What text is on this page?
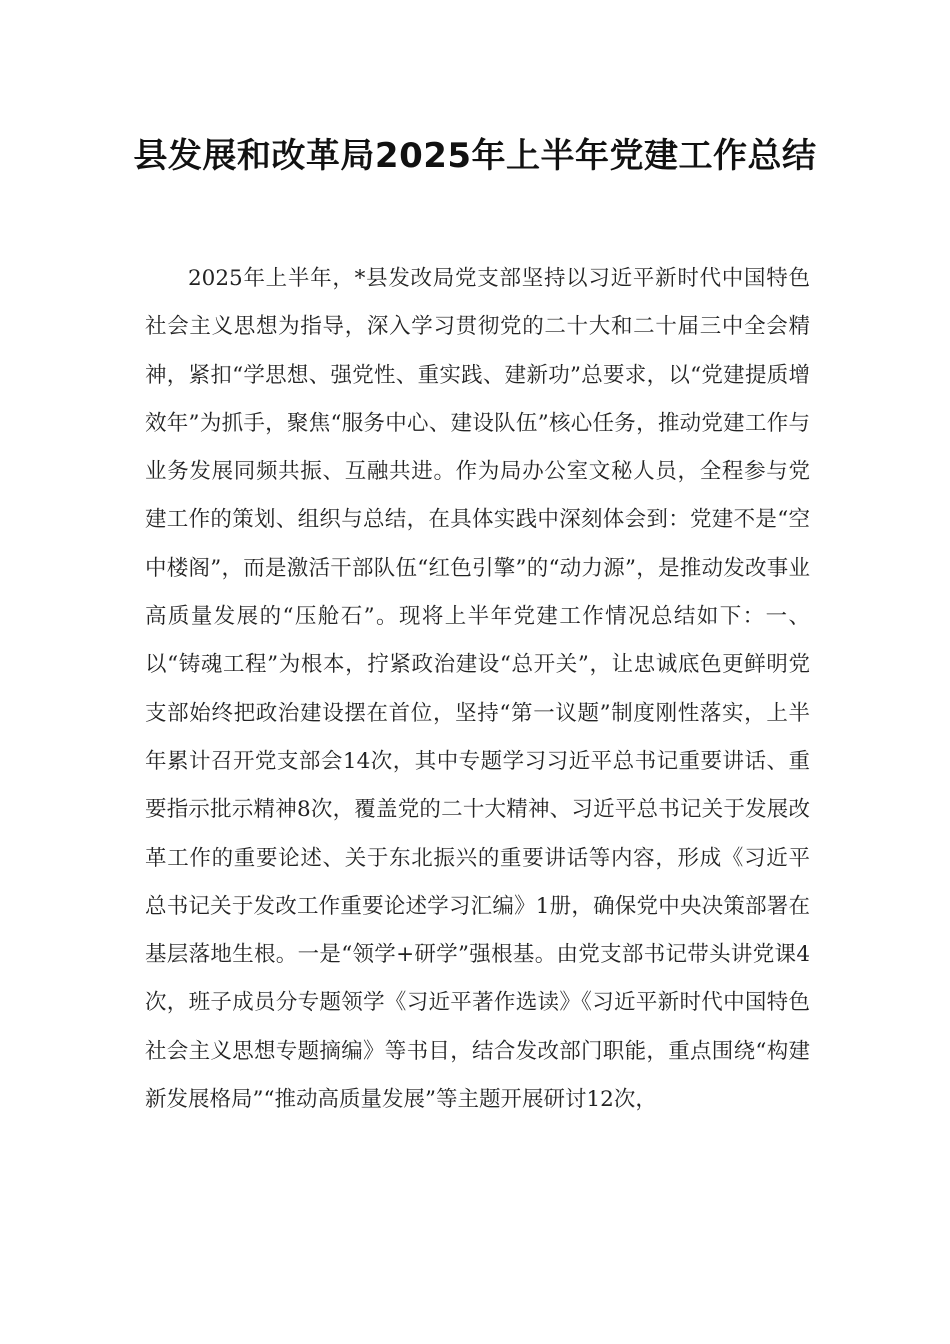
县发展和改革局2025年上半年党建工作总结

2025年上半年，*县发改局党支部坚持以习近平新时代中国特色社会主义思想为指导，深入学习贯彻党的二十大和二十届三中全会精神，紧扣“学思想、强党性、重实践、建新功”总要求，以“党建提质增效年”为抓手，聚焦“服务中心、建设队伍”核心任务，推动党建工作与业务发展同频共振、互融共进。作为局办公室文秘人员，全程参与党建工作的策划、组织与总结，在具体实践中深刻体会到：党建不是“空中楼阁”，而是激活干部队伍“红色引擎”的“动力源”，是推动发改事业高质量发展的“压舱石”。现将上半年党建工作情况总结如下：一、以“铸魂工程”为根本，拧紧政治建设“总开关”，让忠诚底色更鲜明党支部始终把政治建设摆在首位，坚持“第一议题”制度刚性落实，上半年累计召开党支部会14次，其中专题学习习近平总书记重要讲话、重要指示批示精神8次，覆盖党的二十大精神、习近平总书记关于发展改革工作的重要论述、关于东北振兴的重要讲话等内容，形成《习近平总书记关于发改工作重要论述学习汇编》1册，确保党中央决策部署在基层落地生根。一是“领学+研学”强根基。由党支部书记带头讲党课4次，班子成员分专题领学《习近平著作选读》《习近平新时代中国特色社会主义思想专题摘编》等书目，结合发改部门职能，重点围绕“构建新发展格局”“推动高质量发展”等主题开展研讨12次，
